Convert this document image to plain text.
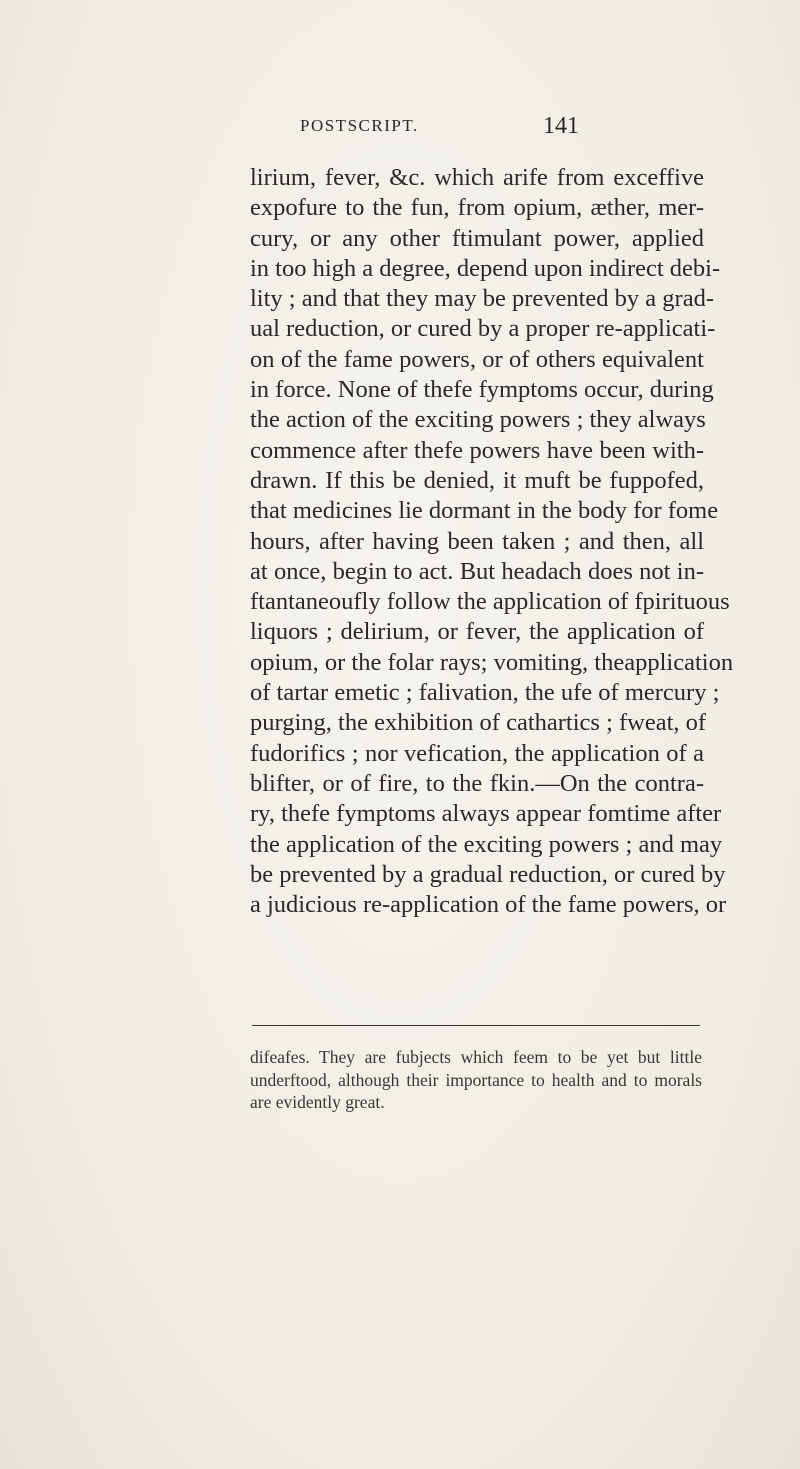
POSTSCRIPT.	141
lirium, fever, &c. which arife from exceffive
expofure to the fun, from opium, æther, mer-
cury, or any other ftimulant power, applied
in too high a degree, depend upon indirect debi-
lity ; and that they may be prevented by a grad-
ual reduction, or cured by a proper re-applicati-
on of the fame powers, or of others equivalent
in force. None of thefe fymptoms occur, during
the action of the exciting powers ; they always
commence after thefe powers have been with-
drawn. If this be denied, it muft be fuppofed,
that medicines lie dormant in the body for fome
hours, after having been taken ; and then, all
at once, begin to act. But headach does not in-
ftantaneoufly follow the application of fpirituous
liquors ; delirium, or fever, the application of
opium, or the folar rays; vomiting, theapplication
of tartar emetic ; falivation, the ufe of mercury ;
purging, the exhibition of cathartics ; fweat, of
fudorifics ; nor vefication, the application of a
blifter, or of fire, to the fkin.—On the contra-
ry, thefe fymptoms always appear fomtime after
the application of the exciting powers ; and may
be prevented by a gradual reduction, or cured by
a judicious re-application of the fame powers, or
difeafes. They are fubjects which feem to be yet but little
underftood, although their importance to health and to morals
are evidently great.
